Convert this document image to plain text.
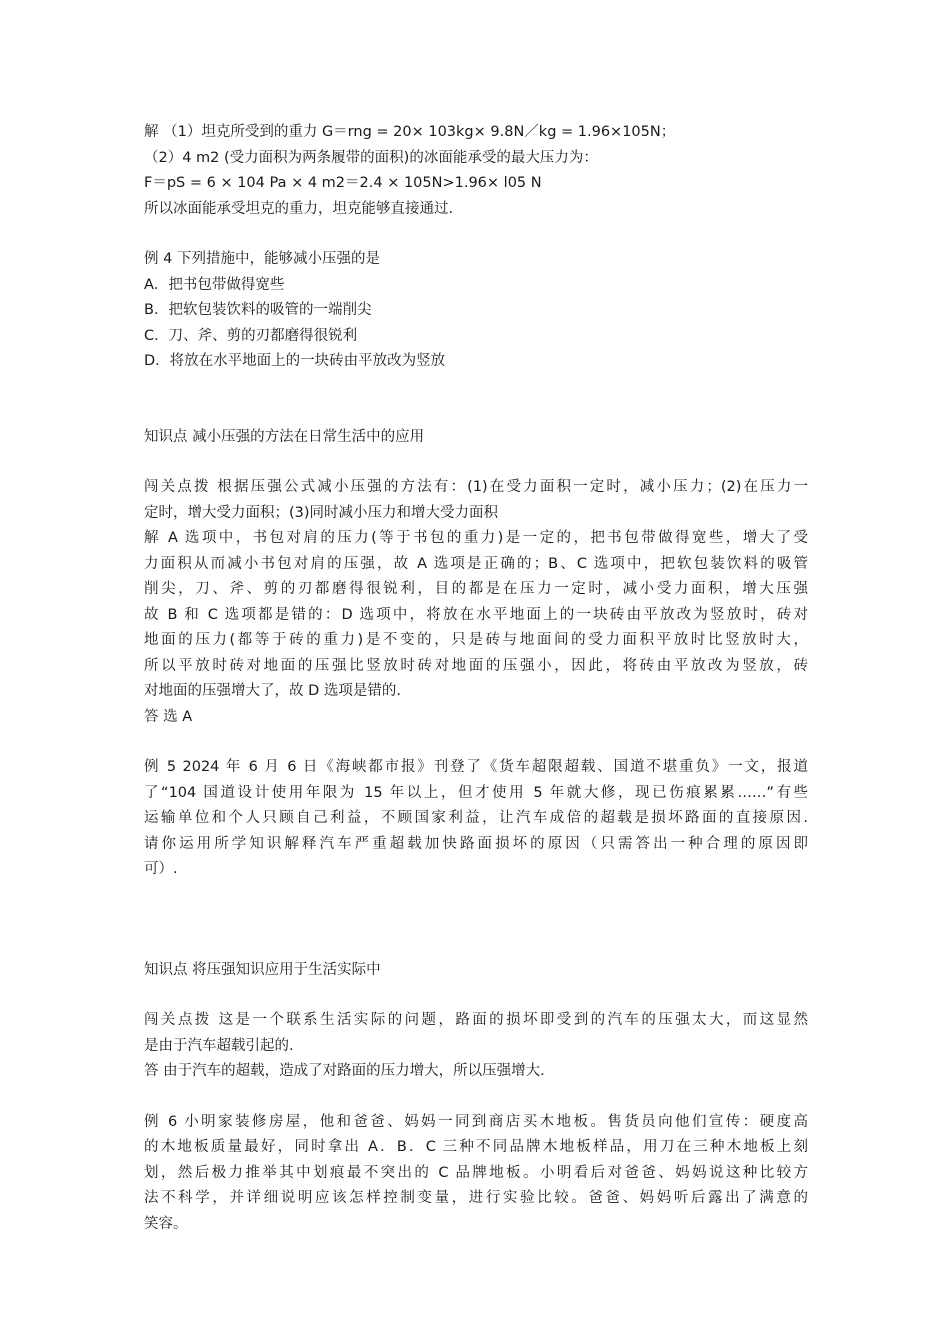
解 （1）坦克所受到的重力 G＝rng = 20× 103kg× 9.8N／kg = 1.96×105N；
（2）4 m2 (受力面积为两条履带的面积)的冰面能承受的最大压力为：
F＝pS = 6 × 104 Pa × 4 m2＝2.4 × 105N>1.96× l05 N
所以冰面能承受坦克的重力，坦克能够直接通过.
例 4 下列措施中，能够减小压强的是
A．把书包带做得宽些
B．把软包装饮料的吸管的一端削尖
C．刀、斧、剪的刃都磨得很锐利
D．将放在水平地面上的一块砖由平放改为竖放
知识点 减小压强的方法在日常生活中的应用
闯关点拨 根据压强公式减小压强的方法有：(1)在受力面积一定时，减小压力；(2)在压力一
定时，增大受力面积；(3)同时减小压力和增大受力面积
解 A 选项中，书包对肩的压力(等于书包的重力)是一定的，把书包带做得宽些，增大了受
力面积从而减小书包对肩的压强，故 A 选项是正确的；B、C 选项中，把软包装饮料的吸管
削尖，刀、斧、剪的刃都磨得很锐利，目的都是在压力一定时，减小受力面积，增大压强
故 B 和 C 选项都是错的：D 选项中，将放在水平地面上的一块砖由平放改为竖放时，砖对
地面的压力(都等于砖的重力)是不变的，只是砖与地面间的受力面积平放时比竖放时大，
所以平放时砖对地面的压强比竖放时砖对地面的压强小，因此，将砖由平放改为竖放，砖
对地面的压强增大了，故 D 选项是错的.
答 选 A
例 5 2024 年 6 月 6 日《海峡都市报》刊登了《货车超限超载、国道不堪重负》一文，报道
了“104 国道设计使用年限为 15 年以上，但才使用 5 年就大修，现已伤痕累累……”有些
运输单位和个人只顾自己利益，不顾国家利益，让汽车成倍的超载是损坏路面的直接原因.
请你运用所学知识解释汽车严重超载加快路面损坏的原因（只需答出一种合理的原因即
可）.
知识点 将压强知识应用于生活实际中
闯关点拨 这是一个联系生活实际的问题，路面的损坏即受到的汽车的压强太大，而这显然
是由于汽车超载引起的.
答 由于汽车的超载，造成了对路面的压力增大，所以压强增大.
例 6 小明家装修房屋，他和爸爸、妈妈一同到商店买木地板。售货员向他们宣传：硬度高
的木地板质量最好，同时拿出 A．B．C 三种不同品牌木地板样品，用刀在三种木地板上刻
划，然后极力推举其中划痕最不突出的 C 品牌地板。小明看后对爸爸、妈妈说这种比较方
法不科学，并详细说明应该怎样控制变量，进行实验比较。爸爸、妈妈听后露出了满意的
笑容。
